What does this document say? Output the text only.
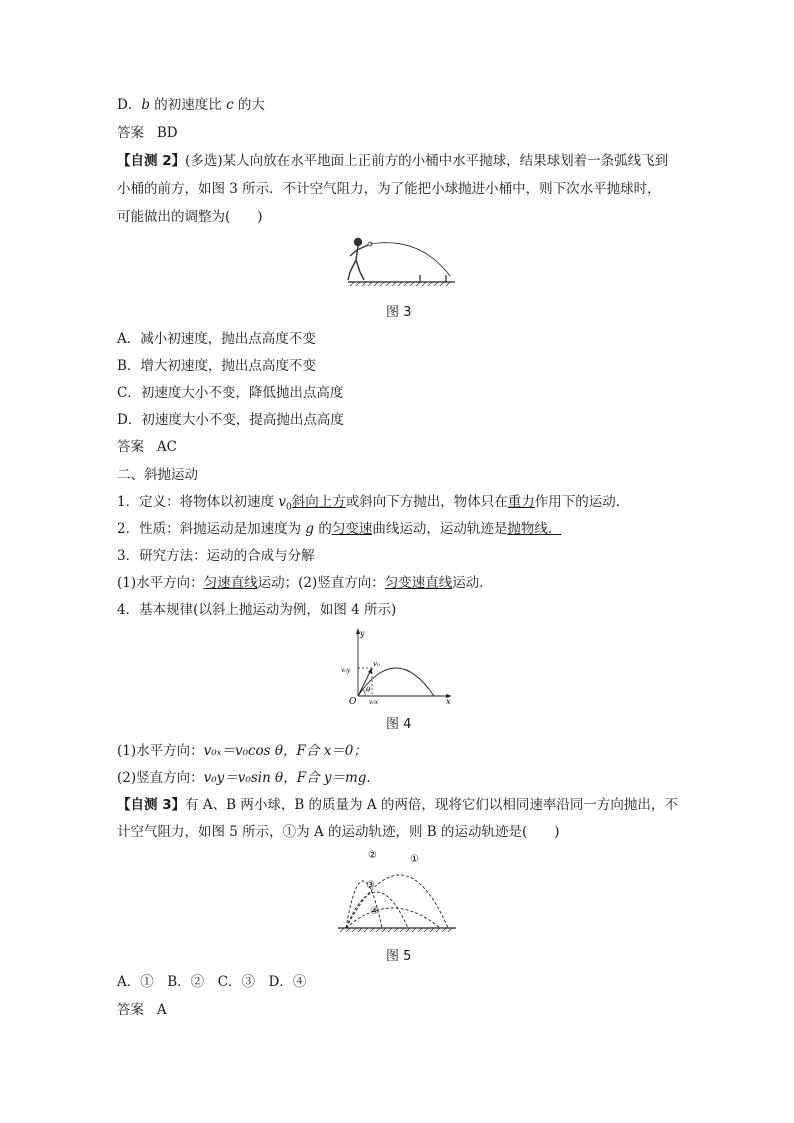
D．b 的初速度比 c 的大
答案 BD
【自测 2】(多选)某人向放在水平地面上正前方的小桶中水平抛球，结果球划着一条弧线飞到
小桶的前方，如图 3 所示．不计空气阻力，为了能把小球抛进小桶中，则下次水平抛球时，
可能做出的调整为(　　)
图 3
A．减小初速度，抛出点高度不变
B．增大初速度，抛出点高度不变
C．初速度大小不变，降低抛出点高度
D．初速度大小不变，提高抛出点高度
答案 AC
二、斜抛运动
1．定义：将物体以初速度 $v_0$斜向上方或斜向下方抛出，物体只在重力作用下的运动．
2．性质：斜抛运动是加速度为 g 的匀变速曲线运动，运动轨迹是抛物线．
3．研究方法：运动的合成与分解
(1)水平方向：匀速直线运动；(2)竖直方向：匀变速直线运动．
4．基本规律(以斜上抛运动为例，如图 4 所示)
y
x
O
v₀
v₀y
v₀x
θ
图 4
(1)水平方向：v₀ₓ＝v₀cos θ，F合 x＝0；
(2)竖直方向：v₀y＝v₀sin θ，F合 y＝mg.
【自测 3】有 A、B 两小球，B 的质量为 A 的两倍，现将它们以相同速率沿同一方向抛出，不
计空气阻力，如图 5 所示，①为 A 的运动轨迹，则 B 的运动轨迹是(　　)
①
②
③
④
图 5
A．①　B．②　C．③　D．④
答案 A
